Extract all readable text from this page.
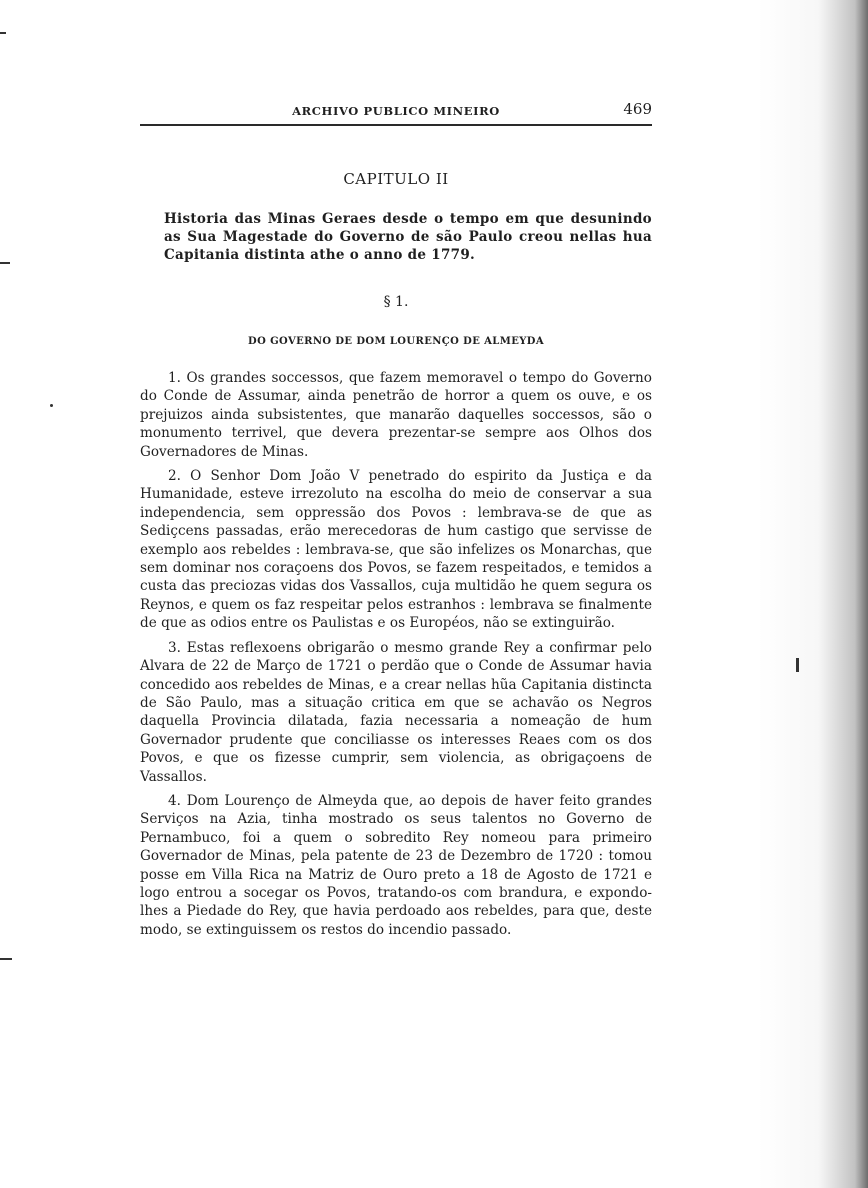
ARCHIVO PUBLICO MINEIRO	469
CAPITULO II
Historia das Minas Geraes desde o tempo em que desunindo as Sua Magestade do Governo de são Paulo creou nellas hua Capitania distinta athe o anno de 1779.
§ 1.
DO GOVERNO DE DOM LOURENÇO DE ALMEYDA

1. Os grandes soccessos, que fazem memoravel o tempo do Governo do Conde de Assumar, ainda penetrão de horror a quem os ouve, e os prejuizos ainda subsistentes, que manarão daquelles soccessos, são o monumento terrivel, que devera prezentar-se sempre aos Olhos dos Governadores de Minas.

2. O Senhor Dom João V penetrado do espirito da Justiça e da Humanidade, esteve irrezoluto na escolha do meio de conservar a sua independencia, sem oppressão dos Povos : lembrava-se de que as Sediçcens passadas, erão merecedoras de hum castigo que servisse de exemplo aos rebeldes : lembrava-se, que são infelizes os Monarchas, que sem dominar nos coraçoens dos Povos, se fazem respeitados, e temidos a custa das preciozas vidas dos Vassallos, cuja multidão he quem segura os Reynos, e quem os faz respeitar pelos estranhos : lembrava se finalmente de que as odios entre os Paulistas e os Européos, não se extinguirão.

3. Estas reflexoens obrigarão o mesmo grande Rey a confirmar pelo Alvara de 22 de Março de 1721 o perdão que o Conde de Assumar havia concedido aos rebeldes de Minas, e a crear nellas hũa Capitania distincta de São Paulo, mas a situação critica em que se achavão os Negros daquella Provincia dilatada, fazia necessaria a nomeação de hum Governador prudente que conciliasse os interesses Reaes com os dos Povos, e que os fizesse cumprir, sem violencia, as obrigaçoens de Vassallos.

4. Dom Lourenço de Almeyda que, ao depois de haver feito grandes Serviços na Azia, tinha mostrado os seus talentos no Governo de Pernambuco, foi a quem o sobredito Rey nomeou para primeiro Governador de Minas, pela patente de 23 de Dezembro de 1720 : tomou posse em Villa Rica na Matriz de Ouro preto a 18 de Agosto de 1721 e logo entrou a socegar os Povos, tratando-os com brandura, e expondo-lhes a Piedade do Rey, que havia perdoado aos rebeldes, para que, deste modo, se extinguissem os restos do incendio passado.
